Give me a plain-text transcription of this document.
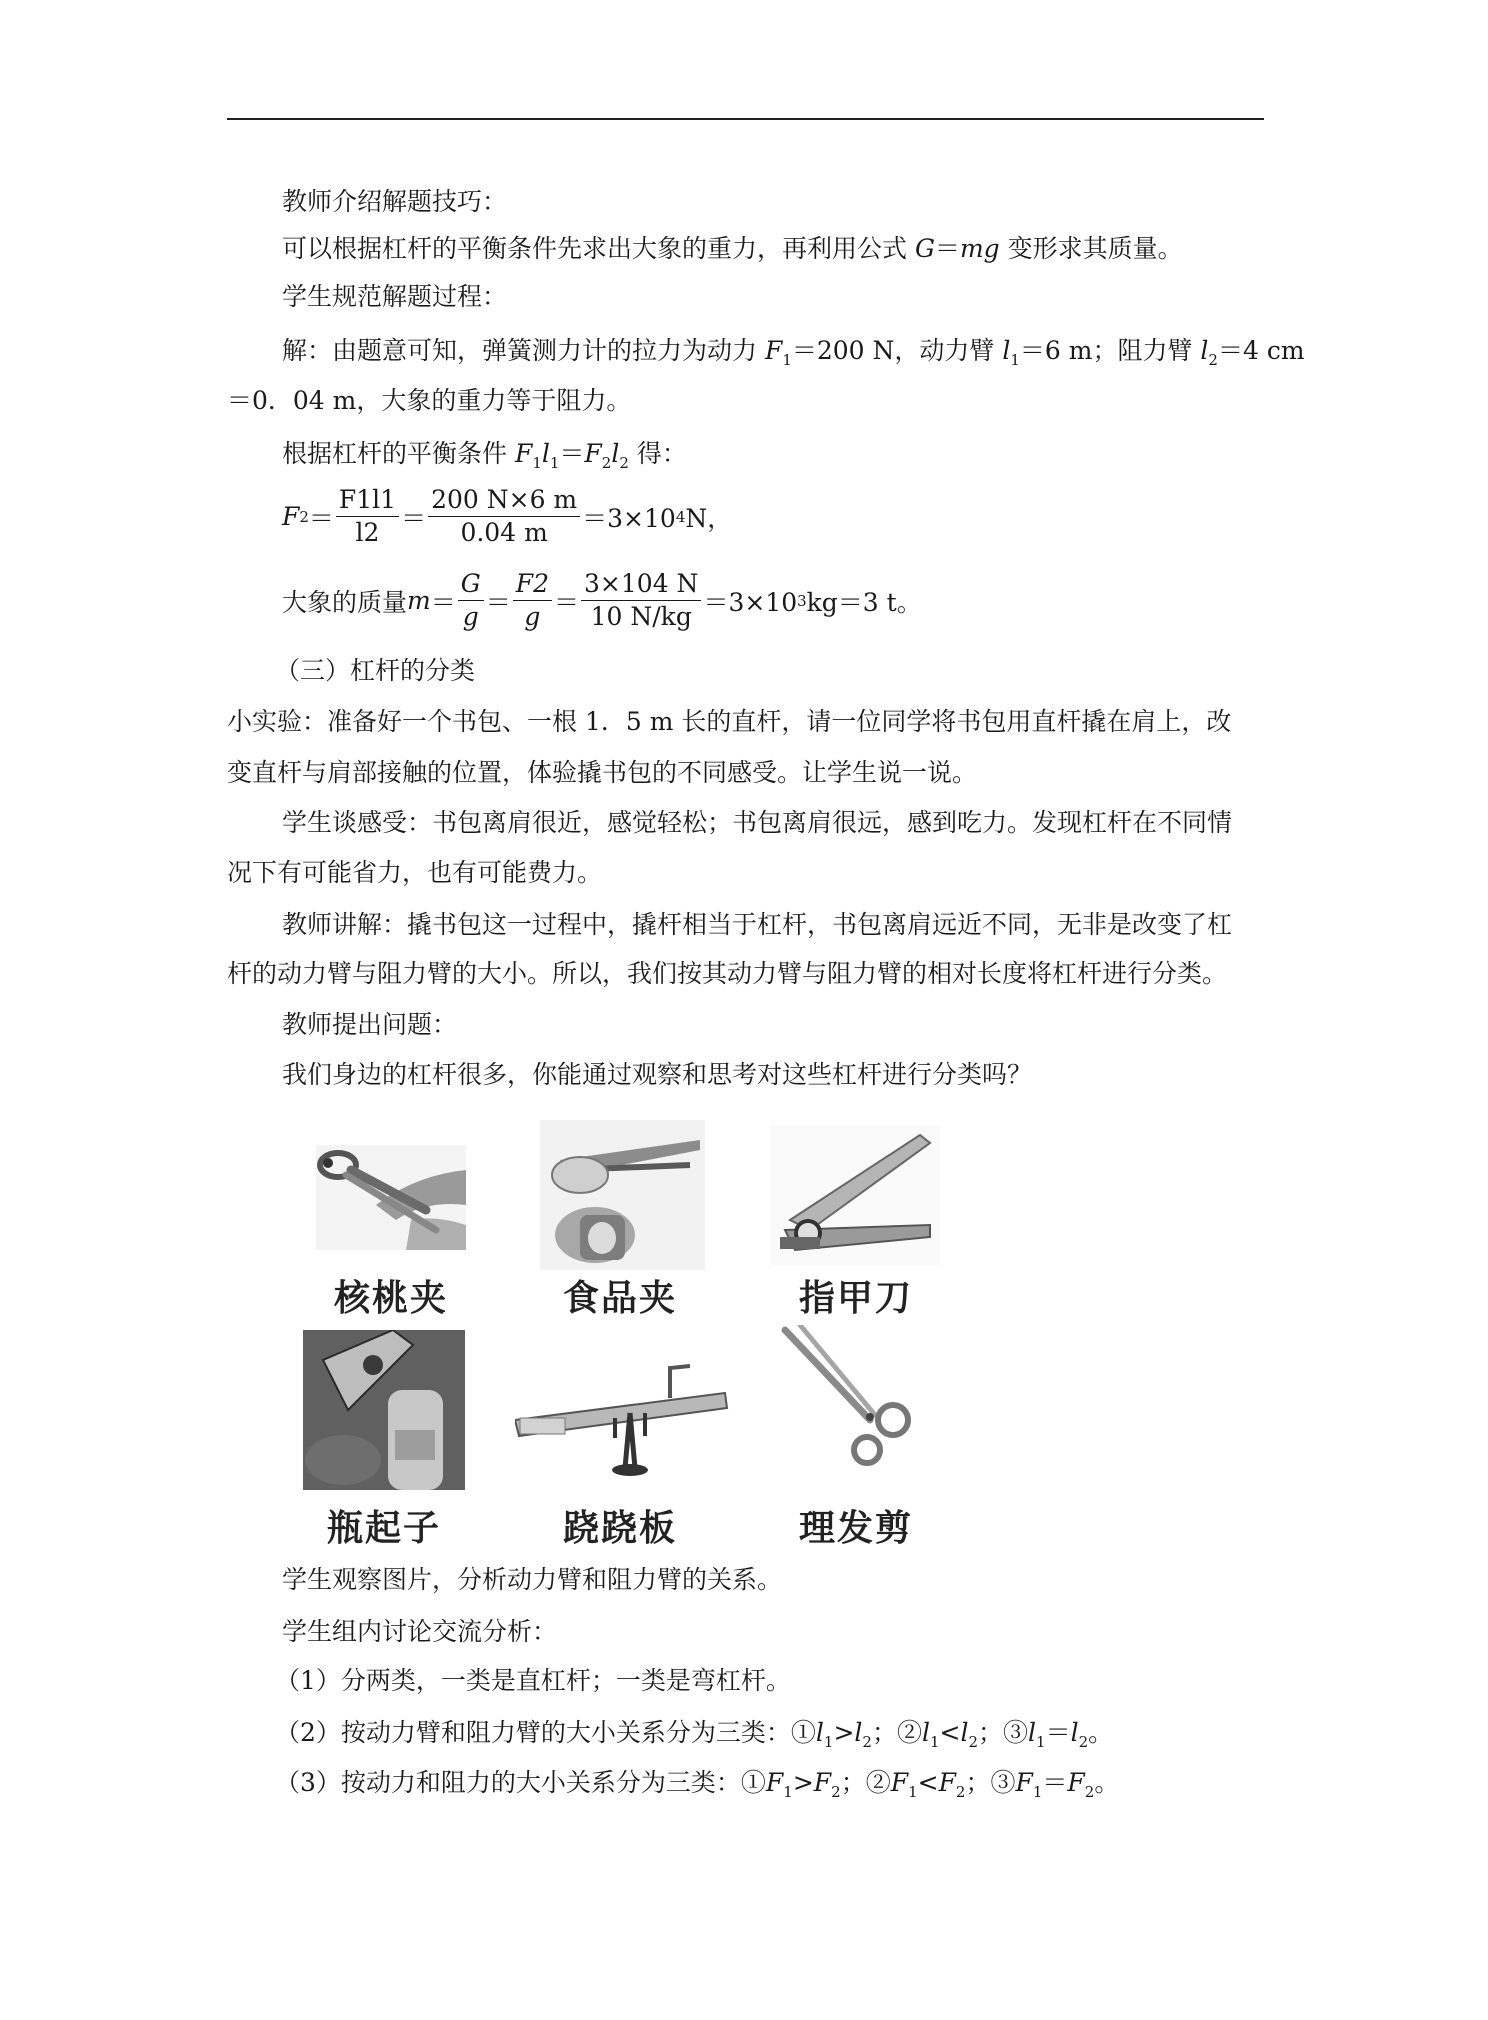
教师介绍解题技巧：
可以根据杠杆的平衡条件先求出大象的重力，再利用公式 G＝mg 变形求其质量。
学生规范解题过程：
解：由题意可知，弹簧测力计的拉力为动力 $F_1=200$ N，动力臂 $l_1=6$ m；阻力臂 $l_2=4$ cm
＝0．04 m，大象的重力等于阻力。
根据杠杆的平衡条件 $F_1l_1=F_2l_2$ 得：
F $2 = \frac{F1l1}{l2} = \frac{200 N\times 6 m}{0.04 m} =3\times 10$ 4 N，
大象的质量 $m = \frac{G}{g} = \frac{F2}{g} = \frac{3\times 104 N}{10 N/kg} =3\times 10$ 3 kg＝3 t。
（三）杠杆的分类
小实验：准备好一个书包、一根 1．5 m 长的直杆，请一位同学将书包用直杆撬在肩上，改
变直杆与肩部接触的位置，体验撬书包的不同感受。让学生说一说。
学生谈感受：书包离肩很近，感觉轻松；书包离肩很远，感到吃力。发现杠杆在不同情
况下有可能省力，也有可能费力。
教师讲解：撬书包这一过程中，撬杆相当于杠杆，书包离肩远近不同，无非是改变了杠
杆的动力臂与阻力臂的大小。所以，我们按其动力臂与阻力臂的相对长度将杠杆进行分类。
教师提出问题：
我们身边的杠杆很多，你能通过观察和思考对这些杠杆进行分类吗？
核桃夹	食品夹	指甲刀
瓶起子	跷跷板	理发剪
学生观察图片，分析动力臂和阻力臂的关系。
学生组内讨论交流分析：
（1）分两类，一类是直杠杆；一类是弯杠杆。
（2）按动力臂和阻力臂的大小关系分为三类：$①l_1>l_2$；$②l_1<l_2$；$③l_1=l_2$。
（3）按动力和阻力的大小关系分为三类：$①F_1>F_2$；$②F_1<F_2$；$③F_1=F_2$。
